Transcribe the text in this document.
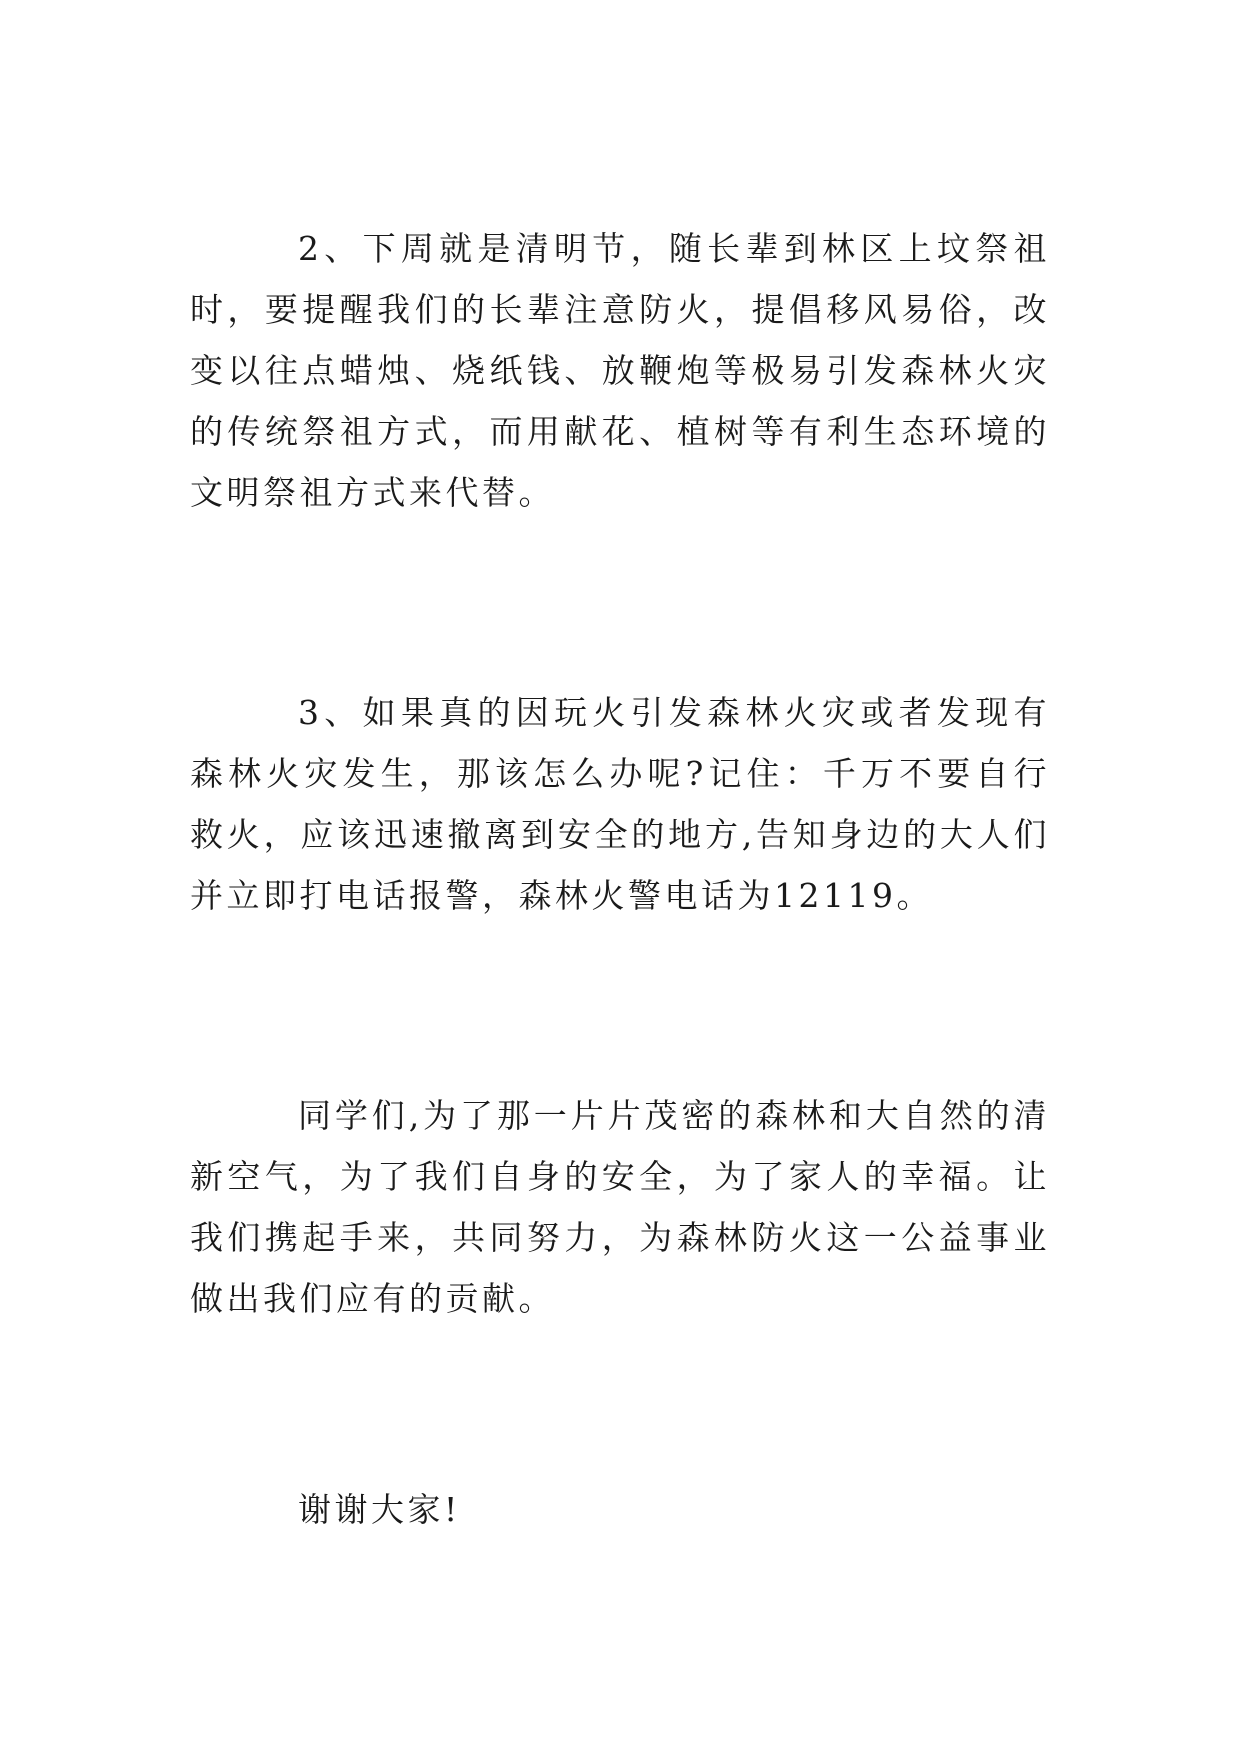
2、下周就是清明节，随长辈到林区上坟祭祖时，要提醒我们的长辈注意防火，提倡移风易俗，改变以往点蜡烛、烧纸钱、放鞭炮等极易引发森林火灾的传统祭祖方式，而用献花、植树等有利生态环境的文明祭祖方式来代替。

3、如果真的因玩火引发森林火灾或者发现有森林火灾发生，那该怎么办呢?记住：千万不要自行救火，应该迅速撤离到安全的地方,告知身边的大人们并立即打电话报警，森林火警电话为12119。

同学们,为了那一片片茂密的森林和大自然的清新空气，为了我们自身的安全，为了家人的幸福。让我们携起手来，共同努力，为森林防火这一公益事业做出我们应有的贡献。

谢谢大家!
